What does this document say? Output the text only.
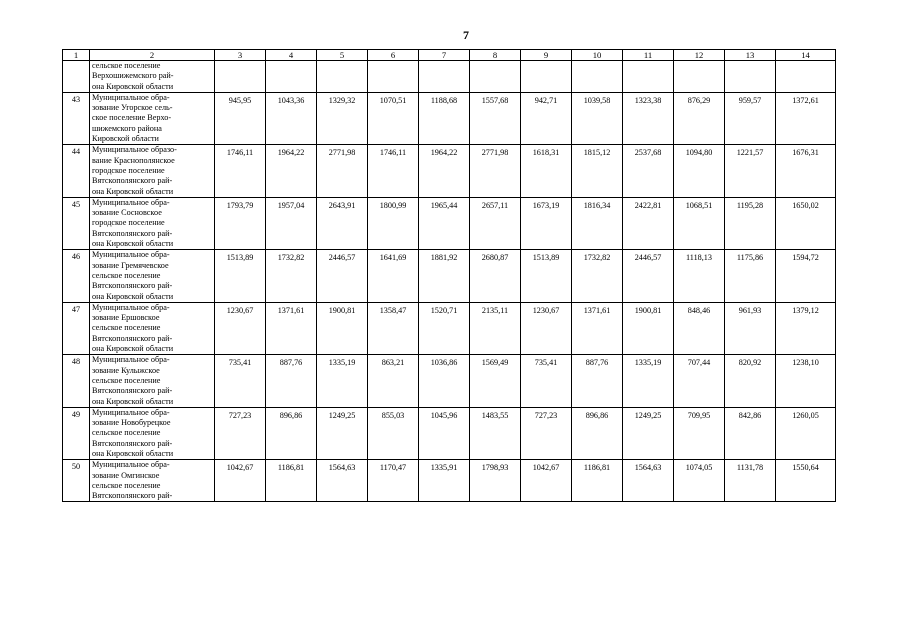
7
1	2	3	4	5	6	7	8	9	10	11	12	13	14

	сельское поселение
Верхошижемского рай-
она Кировской области												

43	Муниципальное обра-
зование Угорское сель-
ское поселение Верхо-
шижемского района
Кировской области	945,95	1043,36	1329,32	1070,51	1188,68	1557,68	942,71	1039,58	1323,38	876,29	959,57	1372,61
44	Муниципальное образо-
вание Краснополянское
городское поселение
Вятскополянского рай-
она Кировской области	1746,11	1964,22	2771,98	1746,11	1964,22	2771,98	1618,31	1815,12	2537,68	1094,80	1221,57	1676,31
45	Муниципальное обра-
зование Сосновское
городское поселение
Вятскополянского рай-
она Кировской области	1793,79	1957,04	2643,91	1800,99	1965,44	2657,11	1673,19	1816,34	2422,81	1068,51	1195,28	1650,02
46	Муниципальное обра-
зование Гремячевское
сельское поселение
Вятскополянского рай-
она Кировской области	1513,89	1732,82	2446,57	1641,69	1881,92	2680,87	1513,89	1732,82	2446,57	1118,13	1175,86	1594,72
47	Муниципальное обра-
зование Ершовское
сельское поселение
Вятскополянского рай-
она Кировской области	1230,67	1371,61	1900,81	1358,47	1520,71	2135,11	1230,67	1371,61	1900,81	848,46	961,93	1379,12
48	Муниципальное обра-
зование Кулыжское
сельское поселение
Вятскополянского рай-
она Кировской области	735,41	887,76	1335,19	863,21	1036,86	1569,49	735,41	887,76	1335,19	707,44	820,92	1238,10
49	Муниципальное обра-
зование Новобурецкое
сельское поселение
Вятскополянского рай-
она Кировской области	727,23	896,86	1249,25	855,03	1045,96	1483,55	727,23	896,86	1249,25	709,95	842,86	1260,05
50	Муниципальное обра-
зование Омгинское
сельское поселение
Вятскополянского рай-	1042,67	1186,81	1564,63	1170,47	1335,91	1798,93	1042,67	1186,81	1564,63	1074,05	1131,78	1550,64
